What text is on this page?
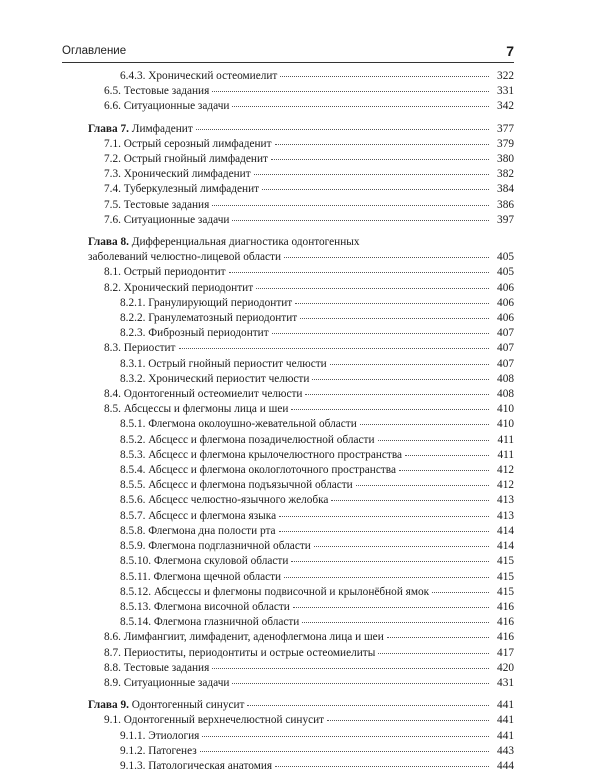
Оглавление	7
6.4.3. Хронический остеомиелит	322
6.5. Тестовые задания	331
6.6. Ситуационные задачи	342
Глава 7. Лимфаденит	377
7.1. Острый серозный лимфаденит	379
7.2. Острый гнойный лимфаденит	380
7.3. Хронический лимфаденит	382
7.4. Туберкулезный лимфаденит	384
7.5. Тестовые задания	386
7.6. Ситуационные задачи	397
Глава 8. Дифференциальная диагностика одонтогенных
заболеваний челюстно-лицевой области	405
8.1. Острый периодонтит	405
8.2. Хронический периодонтит	406
8.2.1. Гранулирующий периодонтит	406
8.2.2. Гранулематозный периодонтит	406
8.2.3. Фиброзный периодонтит	407
8.3. Периостит	407
8.3.1. Острый гнойный периостит челюсти	407
8.3.2. Хронический периостит челюсти	408
8.4. Одонтогенный остеомиелит челюсти	408
8.5. Абсцессы и флегмоны лица и шеи	410
8.5.1. Флегмона околоушно-жевательной области	410
8.5.2. Абсцесс и флегмона позадичелюстной области	411
8.5.3. Абсцесс и флегмона крылочелюстного пространства	411
8.5.4. Абсцесс и флегмона окологлоточного пространства	412
8.5.5. Абсцесс и флегмона подъязычной области	412
8.5.6. Абсцесс челюстно-язычного желобка	413
8.5.7. Абсцесс и флегмона языка	413
8.5.8. Флегмона дна полости рта	414
8.5.9. Флегмона подглазничной области	414
8.5.10. Флегмона скуловой области	415
8.5.11. Флегмона щечной области	415
8.5.12. Абсцессы и флегмоны подвисочной и крылонёбной ямок	415
8.5.13. Флегмона височной области	416
8.5.14. Флегмона глазничной области	416
8.6. Лимфангиит, лимфаденит, аденофлегмона лица и шеи	416
8.7. Периоститы, периодонтиты и острые остеомиелиты	417
8.8. Тестовые задания	420
8.9. Ситуационные задачи	431
Глава 9. Одонтогенный синусит	441
9.1. Одонтогенный верхнечелюстной синусит	441
9.1.1. Этиология	441
9.1.2. Патогенез	443
9.1.3. Патологическая анатомия	444
